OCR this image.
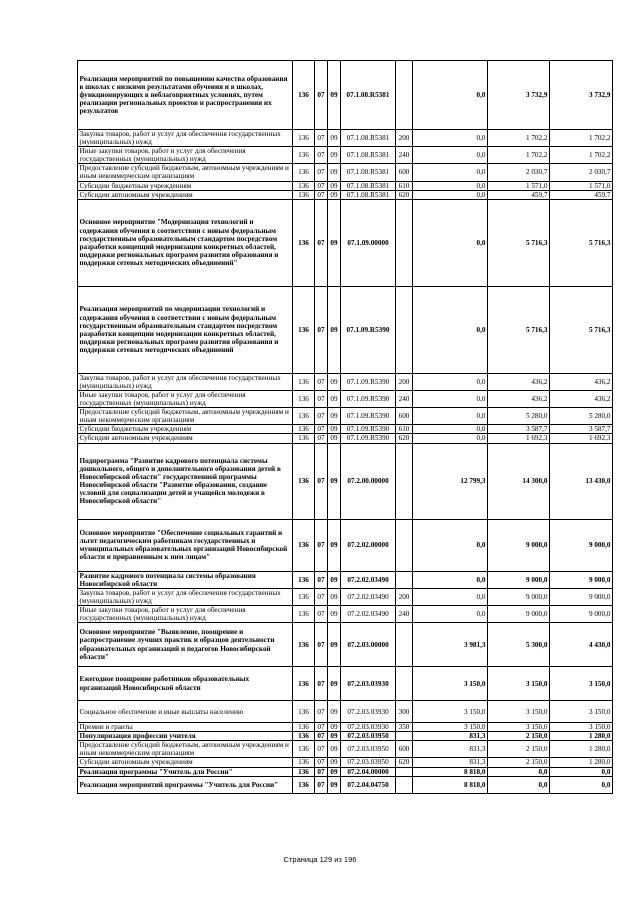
Реализация мероприятий по повышению качества образования в школах с низкими результатами обучения и в школах, функционирующих в неблагоприятных условиях, путем реализации региональных проектов и распространения их результатов	136	07	09	07.1.08.R5381		0,0	3 732,9	3 732,9
Закупка товаров, работ и услуг для обеспечения государственных (муниципальных) нужд	136	07	09	07.1.08.R5381	200	0,0	1 702,2	1 702,2
Иные закупки товаров, работ и услуг для обеспечения государственных (муниципальных) нужд	136	07	09	07.1.08.R5381	240	0,0	1 702,2	1 702,2
Предоставление субсидий бюджетным, автономным учреждениям и иным некоммерческим организациям	136	07	09	07.1.08.R5381	600	0,0	2 030,7	2 030,7
Субсидии бюджетным учреждениям	136	07	09	07.1.08.R5381	610	0,0	1 571,0	1 571,0
Субсидии автономным учреждениям	136	07	09	07.1.08.R5381	620	0,0	459,7	459,7
Основное мероприятие "Модернизация технологий и содержания обучения в соответствии с новым федеральным государственным образовательным стандартом посредством разработки концепций модернизации конкретных областей, поддержки региональных программ развития образования и поддержки сетевых методических объединений"	136	07	09	07.1.09.00000		0,0	5 716,3	5 716,3
Реализация мероприятий по модернизации технологий и содержания обучения в соответствии с новым федеральным государственным образовательным стандартом посредством разработки концепции модернизации конкретных областей, поддержки региональных программ развития образования и поддержки сетевых методических объединений	136	07	09	07.1.09.R5390		0,0	5 716,3	5 716,3
Закупка товаров, работ и услуг для обеспечения государственных (муниципальных) нужд	136	07	09	07.1.09.R5390	200	0,0	436,2	436,2
Иные закупки товаров, работ и услуг для обеспечения государственных (муниципальных) нужд	136	07	09	07.1.09.R5390	240	0,0	436,2	436,2
Предоставление субсидий бюджетным, автономным учреждениям и иным некоммерческим организациям	136	07	09	07.1.09.R5390	600	0,0	5 280,0	5 280,0
Субсидии бюджетным учреждениям	136	07	09	07.1.09.R5390	610	0,0	3 587,7	3 587,7
Субсидии автономным учреждениям	136	07	09	07.1.09.R5390	620	0,0	1 692,3	1 692,3
Подпрограмма "Развитие кадрового потенциала системы дошкольного, общего и дополнительного образования детей в Новосибирской области" государственной программы Новосибирской области "Развитие образования, создание условий для социализации детей и учащейся молодежи в Новосибирской области"	136	07	09	07.2.00.00000		12 799,3	14 300,0	13 430,0
Основное мероприятие "Обеспечение социальных гарантий и льгот педагогическим работникам государственных и муниципальных образовательных организаций Новосибирской области и приравненным к ним лицам"	136	07	09	07.2.02.00000		0,0	9 000,0	9 000,0
Развитие кадрового потенциала системы образования Новосибирской области	136	07	09	07.2.02.03490		0,0	9 000,0	9 000,0
Закупка товаров, работ и услуг для обеспечения государственных (муниципальных) нужд	136	07	09	07.2.02.03490	200	0,0	9 000,0	9 000,0
Иные закупки товаров, работ и услуг для обеспечения государственных (муниципальных) нужд	136	07	09	07.2.02.03490	240	0,0	9 000,0	9 000,0
Основное мероприятие "Выявление, поощрение и распространение лучших практик и образцов деятельности образовательных организаций и педагогов Новосибирской области"	136	07	09	07.2.03.00000		3 981,3	5 300,0	4 430,0
Ежегодное поощрение работников образовательных организаций Новосибирской области	136	07	09	07.2.03.03930		3 150,0	3 150,0	3 150,0
Социальное обеспечение и иные выплаты населению	136	07	09	07.2.03.03930	300	3 150,0	3 150,0	3 150,0
Премии и гранты	136	07	09	07.2.03.03930	350	3 150,0	3 150,0	3 150,0
Популяризация профессии учителя	136	07	09	07.2.03.03950		831,3	2 150,0	1 280,0
Предоставление субсидий бюджетным, автономным учреждениям и иным некоммерческим организациям	136	07	09	07.2.03.03950	600	831,3	2 150,0	1 280,0
Субсидии автономным учреждениям	136	07	09	07.2.03.03950	620	831,3	2 150,0	1 280,0
Реализация программы "Учитель для России"	136	07	09	07.2.04.00000		8 818,0	0,0	0,0
Реализация мероприятий программы "Учитель для России"	136	07	09	07.2.04.04750		8 818,0	0,0	0,0
Страница 129 из 196
